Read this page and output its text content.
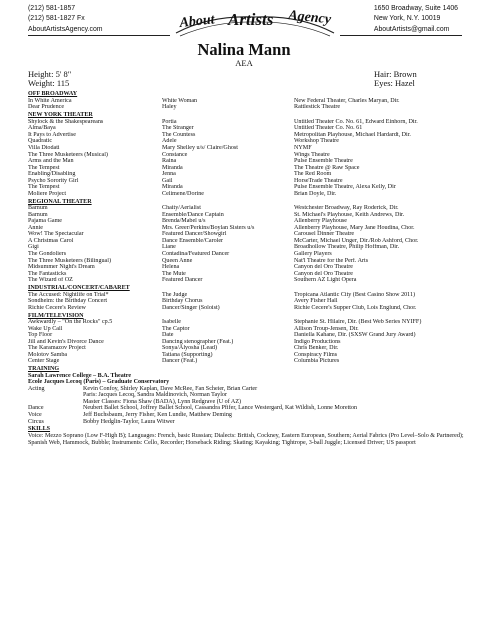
(212) 581-1857
(212) 581-1827 Fx
AboutArtistsAgency.com	About Artists Agency	1650 Broadway, Suite 1406
New York, N.Y. 10019
AboutArtists@gmail.com
Nalina Mann
AEA
Height: 5' 8"
Weight: 115
Hair: Brown
Eyes: Hazel
OFF BROADWAY
In White America	White Woman	New Federal Theater, Charles Maryan, Dir.
Dear Prudence	Haley	Rattlestick Theatre
NEW YORK THEATER
Shylock & the Shakespeareans	Portia	Untitled Theater Co. No. 61, Edward Einhorn, Dir.
Alma/Baya	The Stranger	Untitled Theater Co. No. 61
It Pays to Advertise	The Countess	Metropolitan Playhouse, Michael Hardardt, Dir.
Quadratic	Adele	Workshop Theatre
Villa Diodati	Mary Shelley u/s/ Claire/Ghost	NYMF
The Three Musketeers (Musical)	Constance	Wings Theatre
Arms and the Man	Raina	Pulse Ensemble Theatre
The Tempest	Miranda	The Theatre @ Raw Space
Enabling/Disabling	Jenna	The Red Room
Psycho Sorority Girl	Gail	HorseTrade Theatre
The Tempest	Miranda	Pulse Ensemble Theatre, Alexa Kelly, Dir
Moliere Project	Celimene/Dorine	Brian Doyle, Dir.
REGIONAL THEATER
Barnum	Chaity/Aerialist	Westchester Broadway, Ray Roderick, Dir.
Barnum	Ensemble/Dance Captain	St. Michael's Playhouse, Keith Andrews, Dir.
Pajama Game	Brenda/Mabel u/s	Allenberry Playhouse
Annie	Mrs. Greer/Perkins/Boylan Sisters u/s	Allenberry Playhouse, Mary Jane Houdina, Chor.
Wow! The Spectacular	Featured Dancer/Showgirl	Carousel Dinner Theatre
A Christmas Carol	Dance Ensemble/Caroler	McCarter, Michael Unger, Dir./Rob Ashford, Chor.
Gigi	Liane	Broadhollow Theatre, Philip Hoffman, Dir.
The Gondoliers	Contadina/Featured Dancer	Gallery Players
The Three Musketeers (Bilingual)	Queen Anne	Nat'l Theatre for the Perf. Arts
Midsummer Night's Dream	Helena	Canyon del Oro Theatre
The Fantasticks	The Mute	Canyon del Oro Theatre
The Wizard of OZ	Featured Dancer	Southern AZ Light Opera
INDUSTRIAL/CONCERT/CABARET
The Accused: Nightlife on Trial*	The Judge	Tropicana Atlantic City (Best Casino Show 2011)
Sondheim: the Birthday Concert	Birthday Chorus	Avery Fisher Hall
Richie Cecere's Review	Dancer/Singer (Soloist)	Richie Cecere's Supper Club, Lois Englund, Chor.
FILM/TELEVISION
Awkwardly – "On the Rocks" cp.5	Isabelle	Stephanie St. Hilaire, Dir. (Best Web Series NYIFF)
Wake Up Call	The Captor	Allison Troup-Jensen, Dir.
Top Floor	Date	Daniella Kahane, Dir. (SXSW Grand Jury Award)
Jill and Kevin's Divorce Dance	Dancing stenographer (Feat.)	Indigo Productions
The Karamazov Project	Sonya/Alyosha (Lead)	Chris Benker, Dir.
Molotov Samba	Tatiana (Supporting)	Conspiracy Films
Center Stage	Dancer (Feat.)	Columbia Pictures
TRAINING
Sarah Lawrence College – B.A. Theatre
Ecole Jacques Lecoq (Paris) – Graduate Conservatory
Acting	Kevin Confoy, Shirley Kaplan, Dave McRee, Fan Scheier, Brian Carter
Paris: Jacques Lecoq, Sandra Maldinovich, Norman Taylor
Master Classes: Fiona Shaw (BADA), Lynn Redgrave (U of AZ)
Dance	Neubert Ballet School, Joffrey Ballet School, Cassandra Pfifer, Lance Westergard, Kat Wildish, Lonne Moretton
Voice	Jeff Buchsbaum, Jerry Fisher, Ken Lundie, Matthew Deming
Circus	Bobby Hedglin-Taylor, Laura Witwer
SKILLS
Voice: Mezzo Soprano (Low F-High B); Languages: French, basic Russian; Dialects: British, Cockney, Eastern European, Southern; Aerial Fabrics (Pro Level–Solo & Partnered); Spanish Web, Hammock, Bubble; Instruments: Cello, Recorder; Horseback Riding; Skating; Kayaking; Tightrope, 3-ball Juggle; Licensed Driver; US passport
